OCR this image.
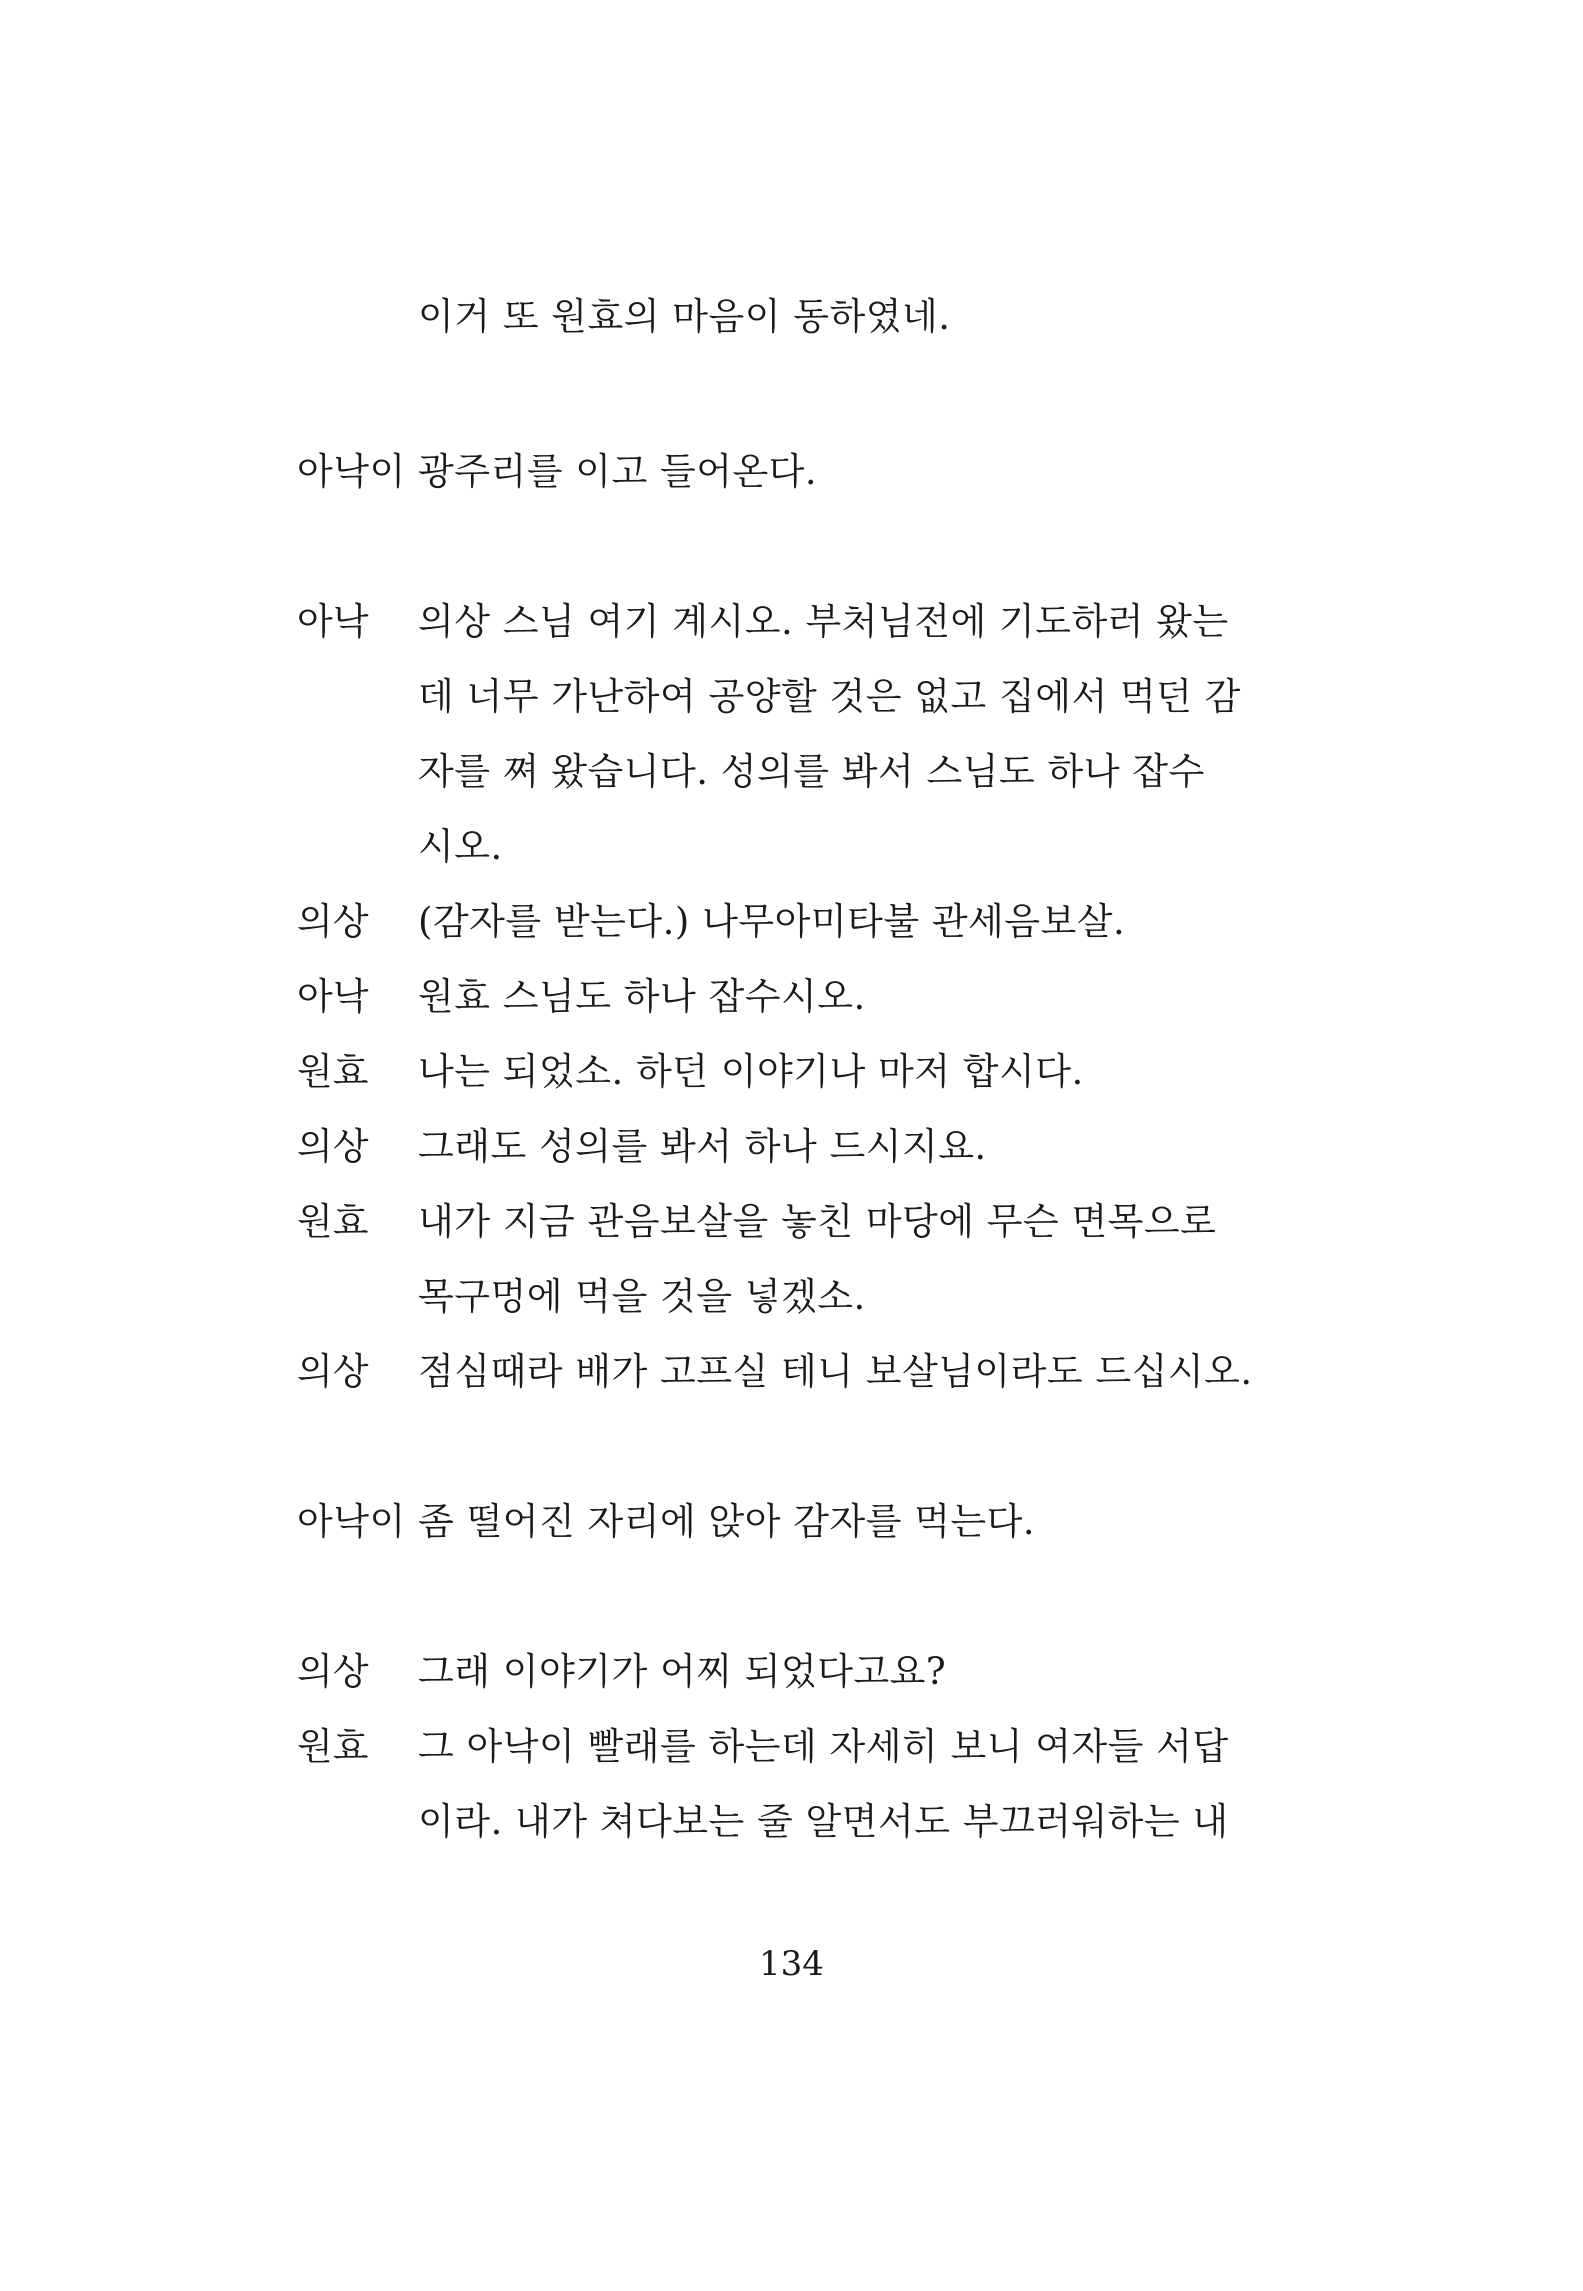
이거 또 원효의 마음이 동하였네.
아낙이 광주리를 이고 들어온다.
아낙 의상 스님 여기 계시오. 부처님전에 기도하러 왔는
데 너무 가난하여 공양할 것은 없고 집에서 먹던 감
자를 쪄 왔습니다. 성의를 봐서 스님도 하나 잡수
시오.
의상 (감자를 받는다.) 나무아미타불 관세음보살.
아낙 원효 스님도 하나 잡수시오.
원효 나는 되었소. 하던 이야기나 마저 합시다.
의상 그래도 성의를 봐서 하나 드시지요.
원효 내가 지금 관음보살을 놓친 마당에 무슨 면목으로
목구멍에 먹을 것을 넣겠소.
의상 점심때라 배가 고프실 테니 보살님이라도 드십시오.
아낙이 좀 떨어진 자리에 앉아 감자를 먹는다.
의상 그래 이야기가 어찌 되었다고요?
원효 그 아낙이 빨래를 하는데 자세히 보니 여자들 서답
이라. 내가 쳐다보는 줄 알면서도 부끄러워하는 내
134
